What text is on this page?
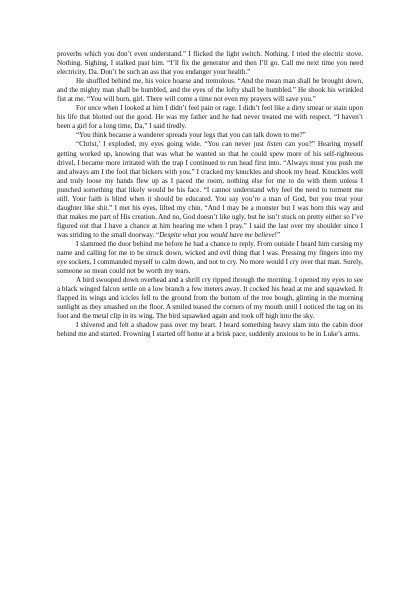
proverbs which you don’t even understand.” I flicked the light switch. Nothing. I tried the electric stove. Nothing. Sighing, I stalked past him. “I’ll fix the generator and then I’ll go. Call me next time you need electricity, Da. Don’t be such an ass that you endanger your health.”

He shuffled behind me, his voice hoarse and tremulous. “And the mean man shall be brought down, and the mighty man shall be humbled, and the eyes of the lofty shall be humbled.” He shook his wrinkled fist at me. “You will burn, girl. There will come a time not even my prayers will save you.”

For once when I looked at him I didn’t feel pain or rage. I didn’t feel like a dirty smear or stain upon his life that blotted out the good. He was my father and he had never treated me with respect. “I haven’t been a girl for a long time, Da,” I said tiredly.

“You think because a wanderer spreads your legs that you can talk down to me?”

“Christ,’ I exploded, my eyes going wide. “You can never just listen can you?” Hearing myself getting worked up, knowing that was what he wanted so that he could spew more of his self-righteous drivel, I became more irritated with the trap I continued to run head first into. “Always must you push me and always am I the fool that bickers with you.” I cracked my knuckles and shook my head. Knuckles well and truly loose my hands flew up as I paced the room, nothing else for me to do with them unless I punched something that likely would be his face. “I cannot understand why feel the need to torment me still. Your faith is blind when it should be educated. You say you’re a man of God, but you treat your daughter like shit.” I met his eyes, lifted my chin. “And I may be a monster but I was born this way and that makes me part of His creation. And no, God doesn’t like ugly, but he isn’t stuck on pretty either so I’ve figured out that I have a chance at him hearing me when I pray.” I said the last over my shoulder since I was striding to the small doorway. “Despite what you would have me believe!”

I slammed the door behind me before he had a chance to reply. From outside I heard him cursing my name and calling for me to be struck down, wicked and evil thing that I was. Pressing my fingers into my eye sockets, I commanded myself to calm down, and not to cry. No more would I cry over that man. Surely, someone so mean could not be worth my tears.

A bird swooped down overhead and a shrill cry ripped through the morning. I opened my eyes to see a black winged falcon settle on a low branch a few meters away. It cocked his head at me and squawked. It flapped its wings and icicles fell to the ground from the bottom of the tree bough, glinting in the morning sunlight as they smashed on the floor. A smiled teased the corners of my mouth until I noticed the tag on its foot and the metal clip in its wing. The bird squawked again and took off high into the sky.

I shivered and felt a shadow pass over my heart. I heard something heavy slam into the cabin door behind me and started. Frowning I started off home at a brisk pace, suddenly anxious to be in Luke’s arms.
